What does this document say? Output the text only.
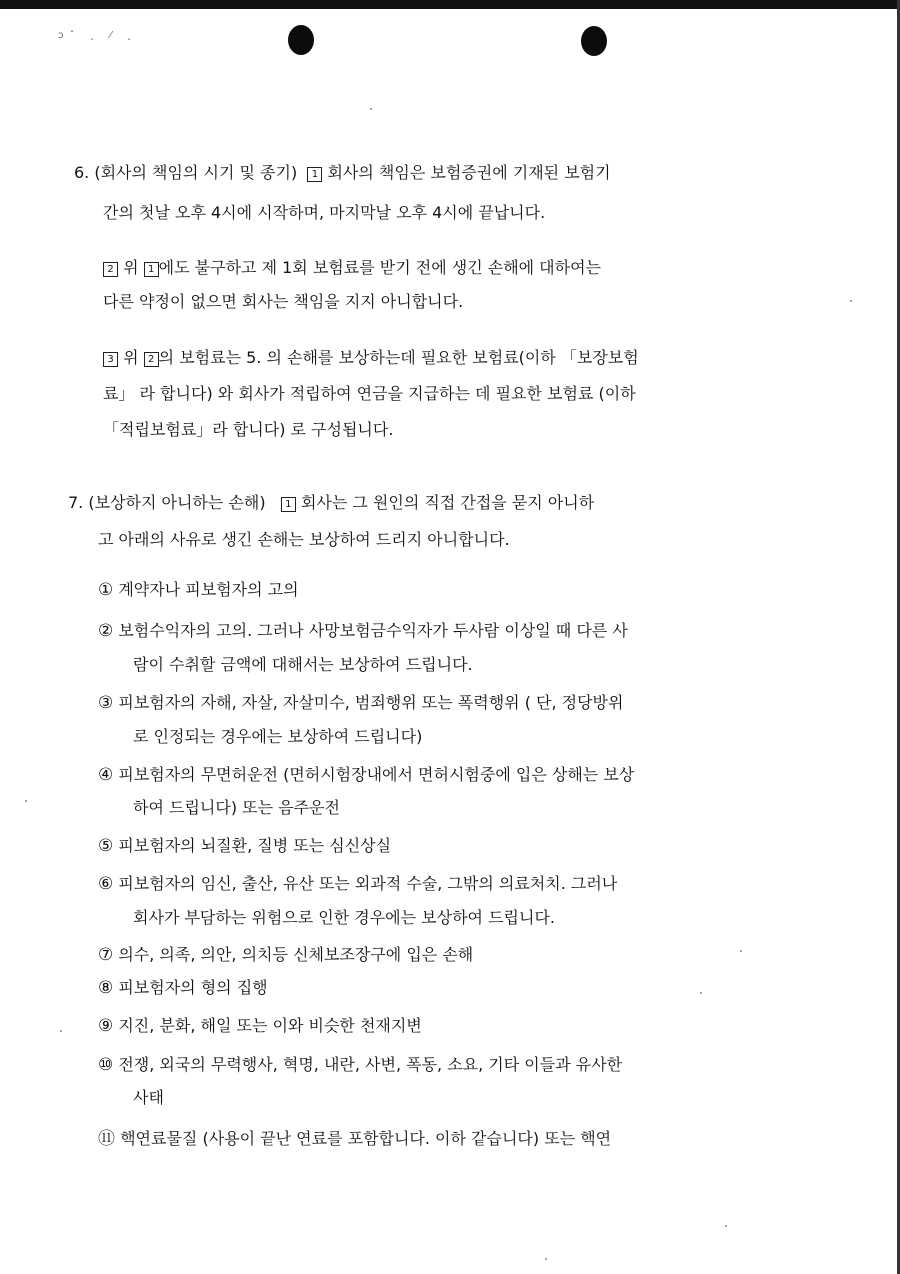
ɔˇ ˛ ⁄ ˛
6. (회사의 책임의 시기 및 종기) 1 회사의 책임은 보험증권에 기재된 보험기
간의 첫날 오후 4시에 시작하며, 마지막날 오후 4시에 끝납니다.
2 위 1 에도 불구하고 제 1회 보험료를 받기 전에 생긴 손해에 대하여는
다른 약정이 없으면 회사는 책임을 지지 아니합니다.
3 위 2 의 보험료는 5. 의 손해를 보상하는데 필요한 보험료(이하 「보장보험
료」 라 합니다) 와 회사가 적립하여 연금을 지급하는 데 필요한 보험료 (이하
「적립보험료」라 합니다) 로 구성됩니다.
7. (보상하지 아니하는 손해) 1 회사는 그 원인의 직접 간접을 묻지 아니하
고 아래의 사유로 생긴 손해는 보상하여 드리지 아니합니다.
① 계약자나 피보험자의 고의
② 보험수익자의 고의. 그러나 사망보험금수익자가 두사람 이상일 때 다른 사
람이 수취할 금액에 대해서는 보상하여 드립니다.
③ 피보험자의 자해, 자살, 자살미수, 범죄행위 또는 폭력행위 ( 단, 정당방위
로 인정되는 경우에는 보상하여 드립니다)
④ 피보험자의 무면허운전 (면허시험장내에서 면허시험중에 입은 상해는 보상
하여 드립니다) 또는 음주운전
⑤ 피보험자의 뇌질환, 질병 또는 심신상실
⑥ 피보험자의 임신, 출산, 유산 또는 외과적 수술, 그밖의 의료처치. 그러나
회사가 부담하는 위험으로 인한 경우에는 보상하여 드립니다.
⑦ 의수, 의족, 의안, 의치등 신체보조장구에 입은 손해
⑧ 피보험자의 형의 집행
⑨ 지진, 분화, 해일 또는 이와 비슷한 천재지변
⑩ 전쟁, 외국의 무력행사, 혁명, 내란, 사변, 폭동, 소요, 기타 이들과 유사한
사태
⑪ 핵연료물질 (사용이 끝난 연료를 포함합니다. 이하 같습니다) 또는 핵연
